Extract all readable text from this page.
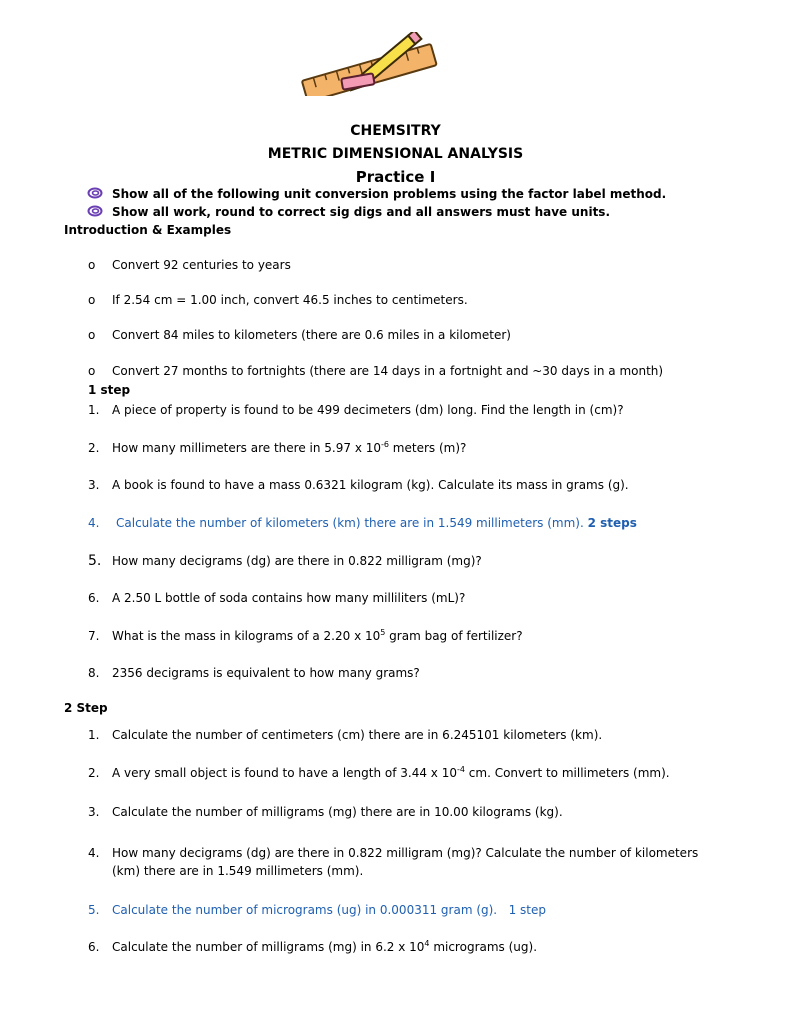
CHEMSITRY
METRIC DIMENSIONAL ANALYSIS
Practice I
Show all of the following unit conversion problems using the factor label method.
Show all work, round to correct sig digs and all answers must have units.
Introduction & Examples
o Convert 92 centuries to years
o If 2.54 cm = 1.00 inch, convert 46.5 inches to centimeters.
o Convert 84 miles to kilometers (there are 0.6 miles in a kilometer)
o Convert 27 months to fortnights (there are 14 days in a fortnight and ~30 days in a month)
1 step
1. A piece of property is found to be 499 decimeters (dm) long. Find the length in (cm)?
2. How many millimeters are there in 5.97 x $10^{-6}$ meters (m)?
3. A book is found to have a mass 0.6321 kilogram (kg). Calculate its mass in grams (g).
4. Calculate the number of kilometers (km) there are in 1.549 millimeters (mm). 2 steps
5. How many decigrams (dg) are there in 0.822 milligram (mg)?
6. A 2.50 L bottle of soda contains how many milliliters (mL)?
7. What is the mass in kilograms of a 2.20 x $10^5$ gram bag of fertilizer?
8. 2356 decigrams is equivalent to how many grams?
2 Step
1. Calculate the number of centimeters (cm) there are in 6.245101 kilometers (km).
2. A very small object is found to have a length of 3.44 x $10^{-4}$ cm. Convert to millimeters (mm).
3. Calculate the number of milligrams (mg) there are in 10.00 kilograms (kg).
4. How many decigrams (dg) are there in 0.822 milligram (mg)? Calculate the number of kilometers
(km) there are in 1.549 millimeters (mm).
5. Calculate the number of micrograms (ug) in 0.000311 gram (g). 1 step
6. Calculate the number of milligrams (mg) in 6.2 x $10^4$ micrograms (ug).
